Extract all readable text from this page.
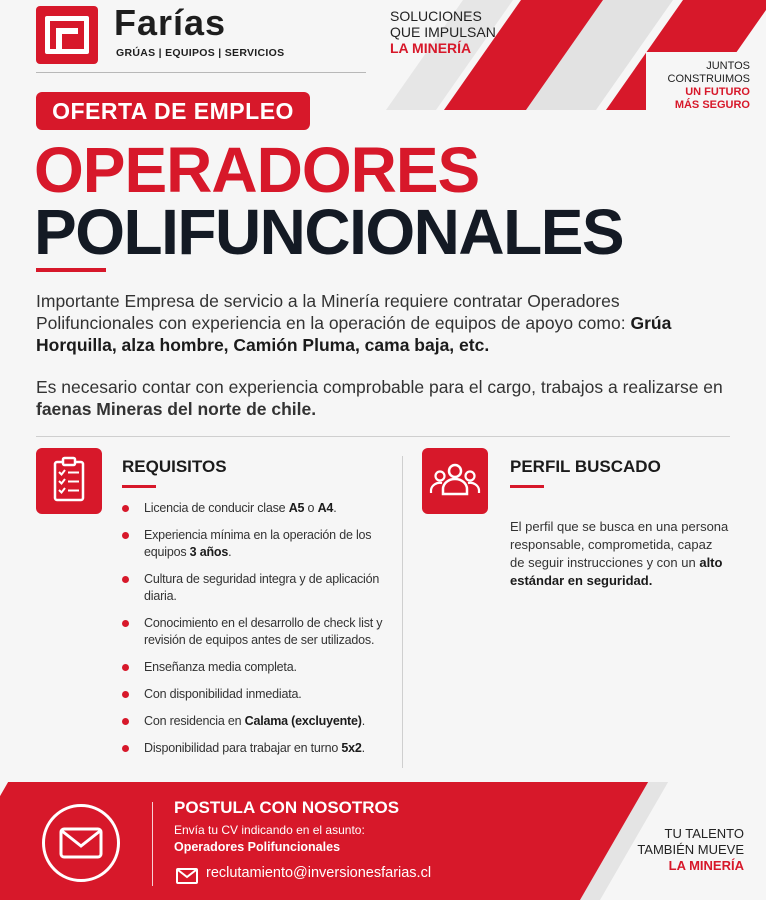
Farías
GRÚAS | EQUIPOS | SERVICIOS
SOLUCIONES
QUE IMPULSAN
LA MINERÍA
JUNTOS
CONSTRUIMOS
UN FUTURO
MÁS SEGURO
OFERTA DE EMPLEO
OPERADORES
POLIFUNCIONALES

Importante Empresa de servicio a la Minería requiere contratar Operadores Polifuncionales con experiencia en la operación de equipos de apoyo como: Grúa Horquilla, alza hombre, Camión Pluma, cama baja, etc.

Es necesario contar con experiencia comprobable para el cargo, trabajos a realizarse en faenas Mineras del norte de chile.

REQUISITOS
Licencia de conducir clase A5 o A4.
Experiencia mínima en la operación de los equipos 3 años.
Cultura de seguridad integra y de aplicación diaria.
Conocimiento en el desarrollo de check list y revisión de equipos antes de ser utilizados.
Enseñanza media completa.
Con disponibilidad inmediata.
Con residencia en Calama (excluyente).
Disponibilidad para trabajar en turno 5x2.
PERFIL BUSCADO

El perfil que se busca en una persona responsable, comprometida, capaz de seguir instrucciones y con un alto estándar en seguridad.

POSTULA CON NOSOTROS
Envía tu CV indicando en el asunto:
Operadores Polifuncionales
reclutamiento@inversionesfarias.cl
TU TALENTO
TAMBIÉN MUEVE
LA MINERÍA
